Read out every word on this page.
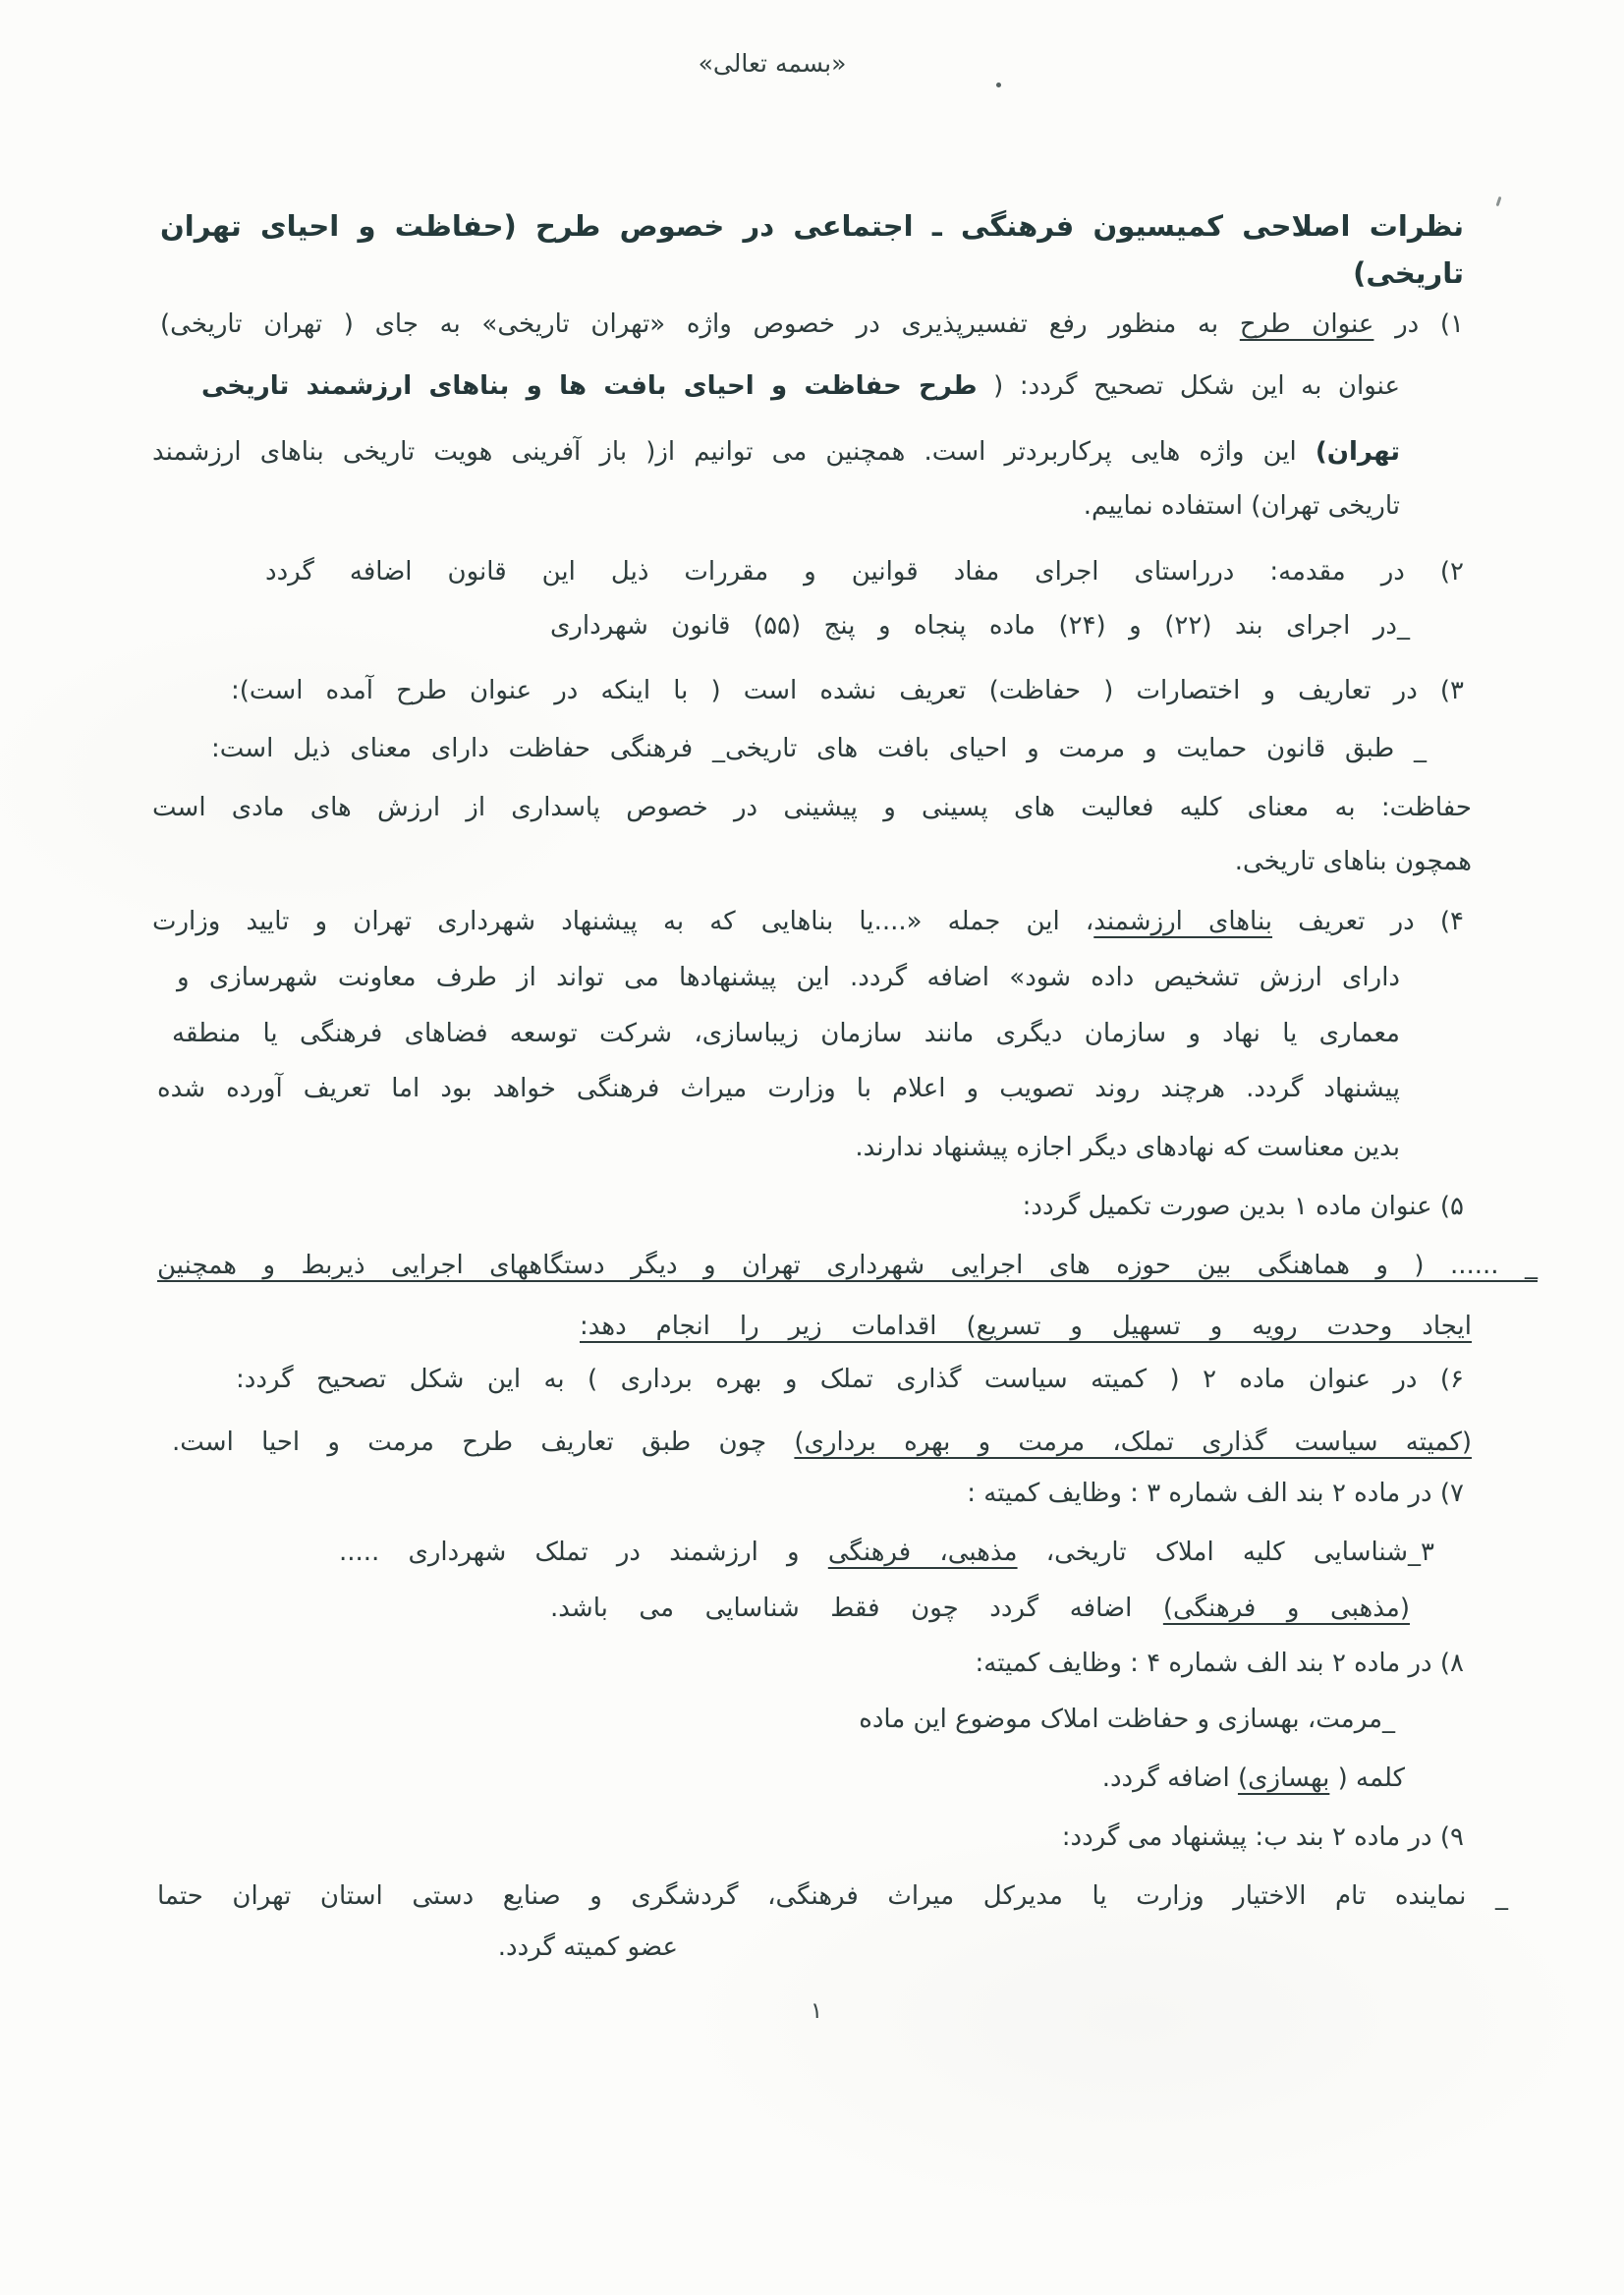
«بسمه تعالی»
نظرات اصلاحی کمیسیون فرهنگی ـ اجتماعی در خصوص طرح (حفاظت و احیای تهران تاریخی)
۱) در عنوان طرح به منظور رفع تفسیرپذیری در خصوص واژه «تهران تاریخی» به جای ( تهران تاریخی)
عنوان به این شکل تصحیح گردد: ( طرح حفاظت و احیای بافت ها و بناهای ارزشمند تاریخی
تهران) این واژه هایی پرکاربردتر است. همچنین می توانیم از( باز آفرینی هویت تاریخی بناهای ارزشمند
تاریخی تهران) استفاده نماییم.
۲) در مقدمه: درراستای اجرای مفاد قوانین و مقررات ذیل این قانون اضافه گردد
_در اجرای بند (۲۲) و (۲۴) ماده پنجاه و پنج (۵۵) قانون شهرداری
۳) در تعاریف و اختصارات ( حفاظت) تعریف نشده است ( با اینکه در عنوان طرح آمده است):
_ طبق قانون حمایت و مرمت و احیای بافت های تاریخی_ فرهنگی حفاظت دارای معنای ذیل است:
حفاظت: به معنای کلیه فعالیت های پسینی و پیشینی در خصوص پاسداری از ارزش های مادی است
همچون بناهای تاریخی.
۴) در تعریف بناهای ارزشمند، این جمله «....یا بناهایی که به پیشنهاد شهرداری تهران و تایید وزارت
دارای ارزش تشخیص داده شود» اضافه گردد. این پیشنهادها می تواند از طرف معاونت شهرسازی و
معماری یا نهاد و سازمان دیگری مانند سازمان زیباسازی، شرکت توسعه فضاهای فرهنگی یا منطقه
پیشنهاد گردد. هرچند روند تصویب و اعلام با وزارت میراث فرهنگی خواهد بود اما تعریف آورده شده
بدین معناست که نهادهای دیگر اجازه پیشنهاد ندارند.
۵) عنوان ماده ۱ بدین صورت تکمیل گردد:
_ ...... ( و هماهنگی بین حوزه های اجرایی شهرداری تهران و دیگر دستگاههای اجرایی ذیربط و همچنین
ایجاد وحدت رویه و تسهیل و تسریع) اقدامات زیر را انجام دهد:
۶) در عنوان ماده ۲ ( کمیته سیاست گذاری تملک و بهره برداری ) به این شکل تصحیح گردد:
(کمیته سیاست گذاری تملک، مرمت و بهره برداری) چون طبق تعاریف طرح مرمت و احیا است.
۷) در ماده ۲ بند الف شماره ۳ : وظایف کمیته :
۳_شناسایی کلیه املاک تاریخی، مذهبی، فرهنگی و ارزشمند در تملک شهرداری .....
(مذهبی و فرهنگی) اضافه گردد چون فقط شناسایی می باشد.
۸) در ماده ۲ بند الف شماره ۴ : وظایف کمیته:
_مرمت، بهسازی و حفاظت املاک موضوع این ماده
کلمه ( بهسازی) اضافه گردد.
۹) در ماده ۲ بند ب: پیشنهاد می گردد:
_ نماینده تام الاختیار وزارت یا مدیرکل میراث فرهنگی، گردشگری و صنایع دستی استان تهران حتما
عضو کمیته گردد.
۱
